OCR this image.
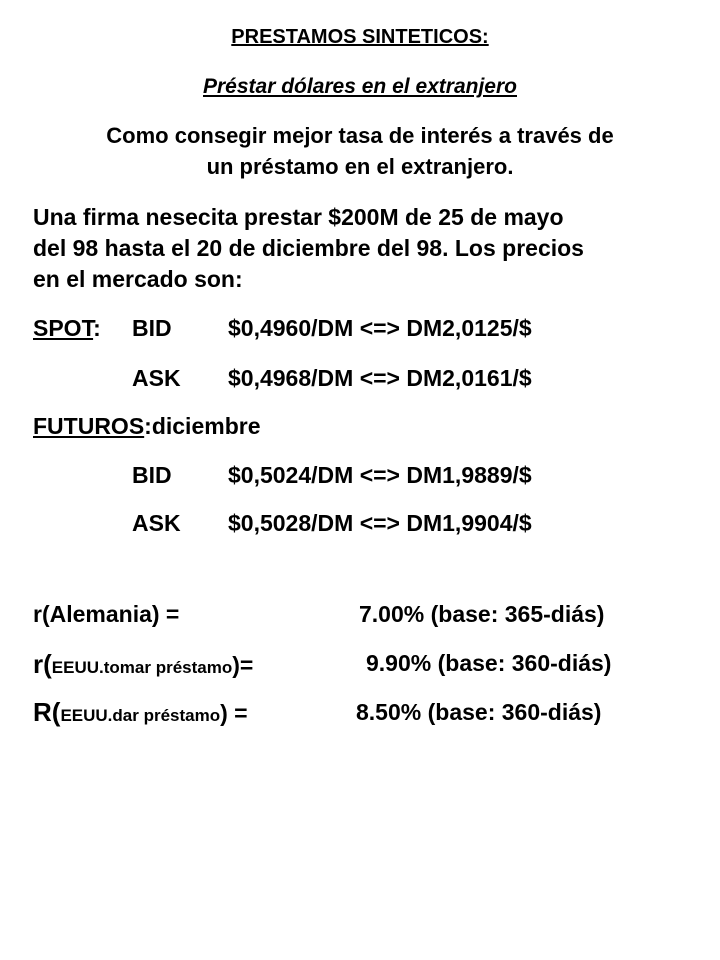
PRESTAMOS SINTETICOS:
Préstar dólares en el extranjero
Como consegir mejor tasa de interés a través de
un préstamo en el extranjero.
Una firma nesecita prestar $200M de 25 de mayo
del 98 hasta el 20 de diciembre del 98. Los precios
en el mercado son:
SPOT: BID $0,4960/DM <=> DM2,0125/$
ASK $0,4968/DM <=> DM2,0161/$
FUTUROS:diciembre
BID $0,5024/DM <=> DM1,9889/$
ASK $0,5028/DM <=> DM1,9904/$
r(Alemania) =	7.00% (base: 365-diás)
r(EEUU.tomar préstamo)=	9.90% (base: 360-diás)
R(EEUU.dar préstamo) =	8.50% (base: 360-diás)
